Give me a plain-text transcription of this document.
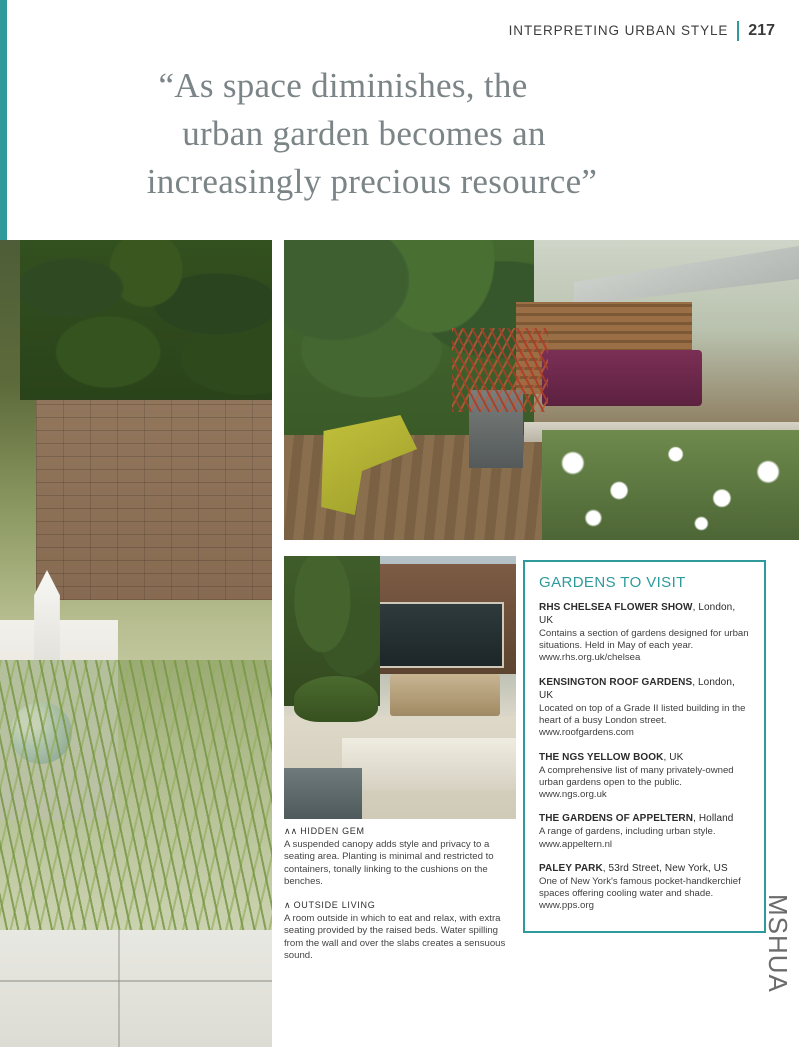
INTERPRETING URBAN STYLE 217
“As space diminishes, the
urban garden becomes an
increasingly precious resource”

∧∧ HIDDEN GEM

A suspended canopy adds style and privacy to a seating area. Planting is minimal and restricted to containers, tonally linking to the cushions on the benches.

∧ OUTSIDE LIVING

A room outside in which to eat and relax, with extra seating provided by the raised beds. Water spilling from the wall and over the slabs creates a sensuous sound.

GARDENS TO VISIT

RHS CHELSEA FLOWER SHOW, London, UK

Contains a section of gardens designed for urban situations. Held in May of each year.

www.rhs.org.uk/chelsea

KENSINGTON ROOF GARDENS, London, UK

Located on top of a Grade II listed building in the heart of a busy London street.

www.roofgardens.com

THE NGS YELLOW BOOK, UK

A comprehensive list of many privately-owned urban gardens open to the public.

www.ngs.org.uk

THE GARDENS OF APPELTERN, Holland

A range of gardens, including urban style.

www.appeltern.nl

PALEY PARK, 53rd Street, New York, US

One of New York's famous pocket-handkerchief spaces offering cooling water and shade.

www.pps.org	MSHUA
